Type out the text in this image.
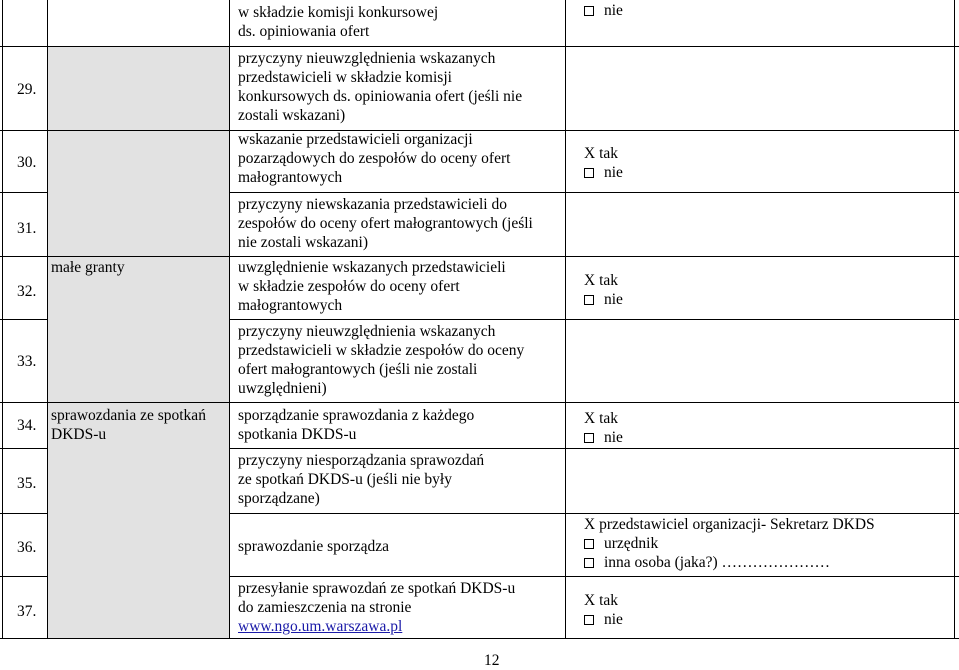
29.
30.
31.
32.
33.
34.
35.
36.
37.
małe granty
sprawozdania ze spotkań
DKDS-u
w składzie komisji konkursowej
ds. opiniowania ofert
przyczyny nieuwzględnienia wskazanych
przedstawicieli w składzie komisji
konkursowych ds. opiniowania ofert (jeśli nie
zostali wskazani)
wskazanie przedstawicieli organizacji
pozarządowych do zespołów do oceny ofert
małograntowych
przyczyny niewskazania przedstawicieli do
zespołów do oceny ofert małograntowych (jeśli
nie zostali wskazani)
uwzględnienie wskazanych przedstawicieli
w składzie zespołów do oceny ofert
małograntowych
przyczyny nieuwzględnienia wskazanych
przedstawicieli w składzie zespołów do oceny
ofert małograntowych (jeśli nie zostali
uwzględnieni)
sporządzanie sprawozdania z każdego
spotkania DKDS-u
przyczyny niesporządzania sprawozdań
ze spotkań DKDS-u (jeśli nie były
sporządzane)
sprawozdanie sporządza
przesyłanie sprawozdań ze spotkań DKDS-u
do zamieszczenia na stronie
www.ngo.um.warszawa.pl
nie
X tak
nie
X tak
nie
X tak
nie
X przedstawiciel organizacji- Sekretarz DKDS
urzędnik
inna osoba (jaka?) …………………
X tak
nie
12
